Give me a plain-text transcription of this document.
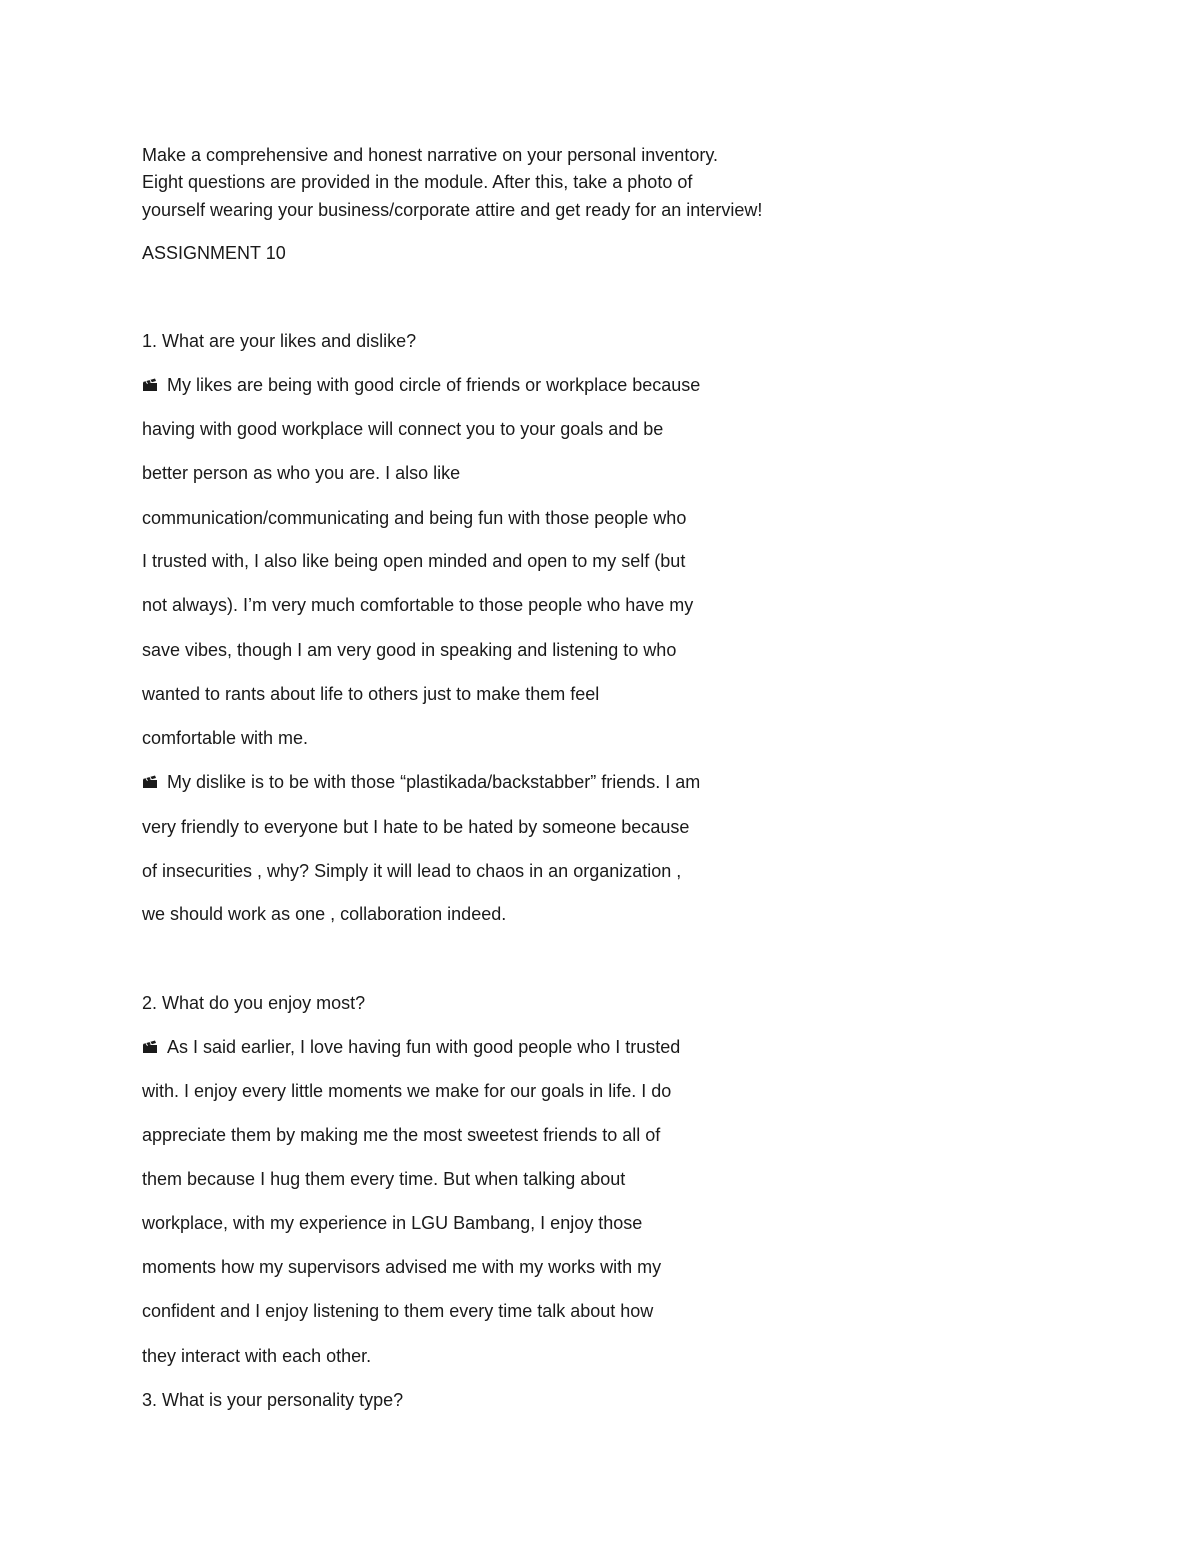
Make a comprehensive and honest narrative on your personal inventory.
Eight questions are provided in the module. After this, take a photo of
yourself wearing your business/corporate attire and get ready for an interview!
ASSIGNMENT 10
1. What are your likes and dislike?
My likes are being with good circle of friends or workplace because
having with good workplace will connect you to your goals and be
better person as who you are. I also like
communication/communicating and being fun with those people who
I trusted with, I also like being open minded and open to my self (but
not always). I’m very much comfortable to those people who have my
save vibes, though I am very good in speaking and listening to who
wanted to rants about life to others just to make them feel
comfortable with me.
My dislike is to be with those “plastikada/backstabber” friends. I am
very friendly to everyone but I hate to be hated by someone because
of insecurities , why? Simply it will lead to chaos in an organization ,
we should work as one , collaboration indeed.
2. What do you enjoy most?
As I said earlier, I love having fun with good people who I trusted
with. I enjoy every little moments we make for our goals in life. I do
appreciate them by making me the most sweetest friends to all of
them because I hug them every time. But when talking about
workplace, with my experience in LGU Bambang, I enjoy those
moments how my supervisors advised me with my works with my
confident and I enjoy listening to them every time talk about how
they interact with each other.
3. What is your personality type?
